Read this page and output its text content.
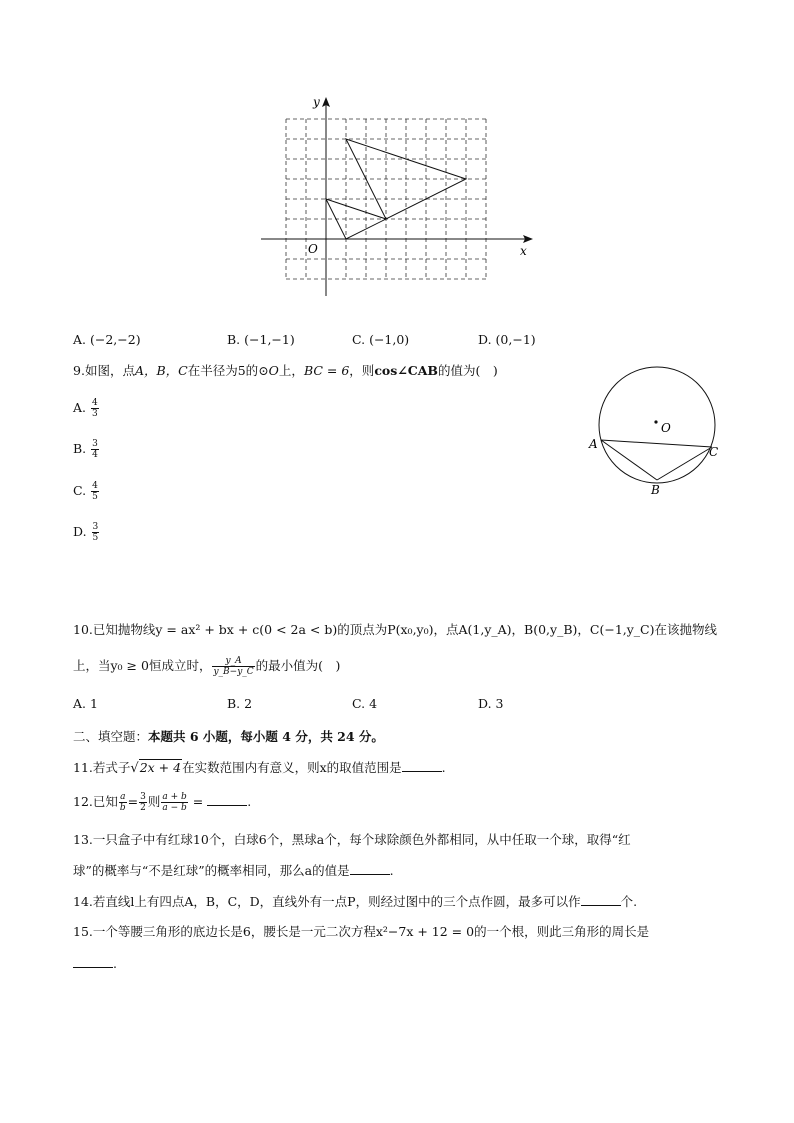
y
x
O
A. (−2,−2)	B. (−1,−1)	C. (−1,0)	D. (0,−1)
9.如图，点A，B，C在半径为5的⊙O上，BC = 6，则cos∠CAB的值为(　)
A. $\frac{4}{3}$
B. $\frac{3}{4}$
C. $\frac{4}{5}$
D. $\frac{3}{5}$
O
A
C
B
10.已知抛物线y = ax² + bx + c(0 < 2a < b)的顶点为P(x₀,y₀)，点A(1,y_A)，B(0,y_B)，C(−1,y_C)在该抛物线
上，当y₀ ≥ 0恒成立时， $\frac{y\_A}{y\_B-y\_C}$ 的最小值为(　)
A. 1	B. 2	C. 4	D. 3
二、填空题：本题共 6 小题，每小题 4 分，共 24 分。
11.若式子√2x + 4在实数范围内有意义，则x的取值范围是	.
12.已知 $\frac{a}{b} = \frac{3}{2}$ 则 $\frac{a + b}{a - b}$ =	.
13.一只盒子中有红球10个，白球6个，黑球a个，每个球除颜色外都相同，从中任取一个球，取得“红
球”的概率与“不是红球”的概率相同，那么a的值是	.
14.若直线l上有四点A，B，C，D，直线外有一点P，则经过图中的三个点作圆，最多可以作	个.
15.一个等腰三角形的底边长是6，腰长是一元二次方程x²−7x + 12 = 0的一个根，则此三角形的周长是
.
